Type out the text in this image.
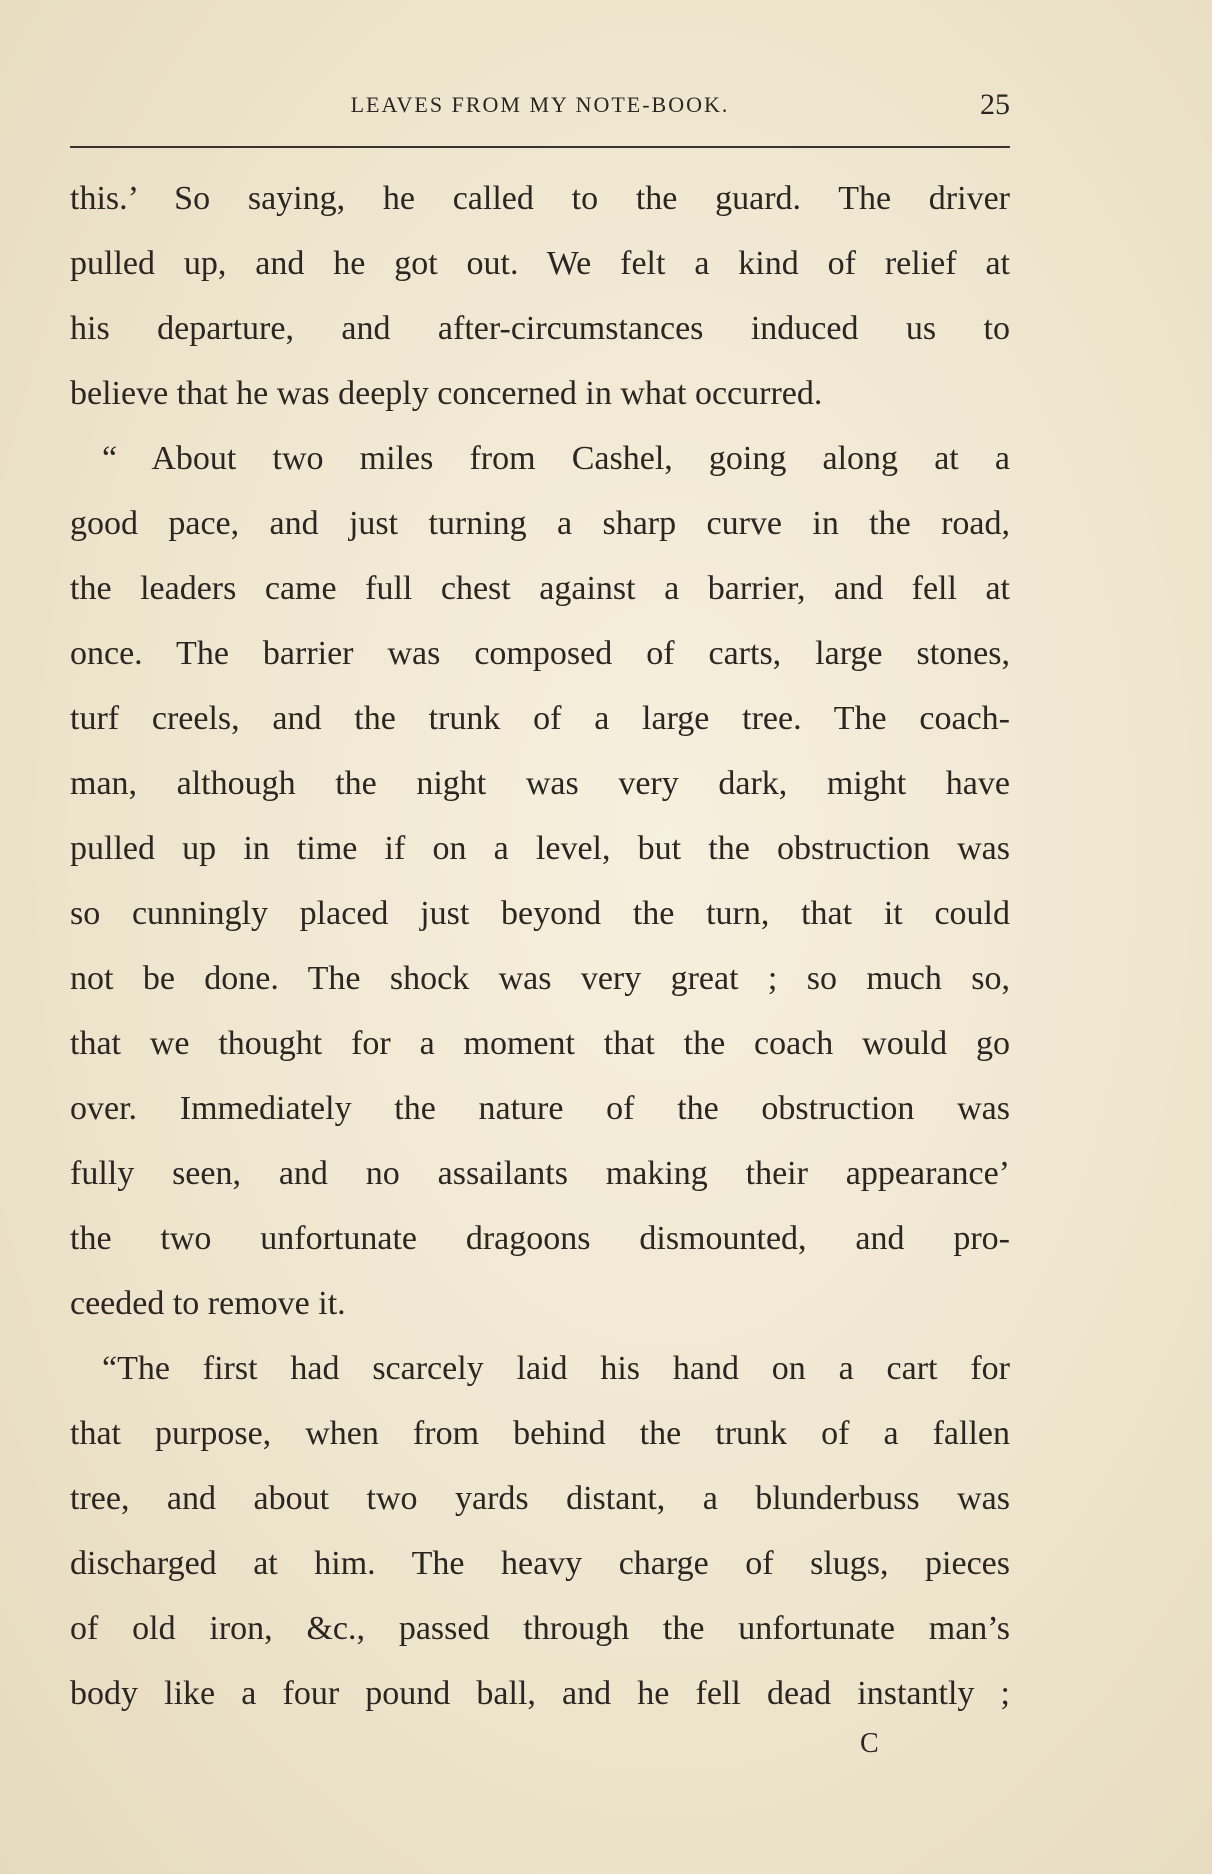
LEAVES FROM MY NOTE-BOOK.	25
this.’ So saying, he called to the guard. The driver
pulled up, and he got out. We felt a kind of relief at
his departure, and after-circumstances induced us to
believe that he was deeply concerned in what occurred.
“ About two miles from Cashel, going along at a
good pace, and just turning a sharp curve in the road,
the leaders came full chest against a barrier, and fell at
once. The barrier was composed of carts, large stones,
turf creels, and the trunk of a large tree. The coach-
man, although the night was very dark, might have
pulled up in time if on a level, but the obstruction was
so cunningly placed just beyond the turn, that it could
not be done. The shock was very great ; so much so,
that we thought for a moment that the coach would go
over. Immediately the nature of the obstruction was
fully seen, and no assailants making their appearance’
the two unfortunate dragoons dismounted, and pro-
ceeded to remove it.
“The first had scarcely laid his hand on a cart for
that purpose, when from behind the trunk of a fallen
tree, and about two yards distant, a blunderbuss was
discharged at him. The heavy charge of slugs, pieces
of old iron, &c., passed through the unfortunate man’s
body like a four pound ball, and he fell dead instantly ;
C
